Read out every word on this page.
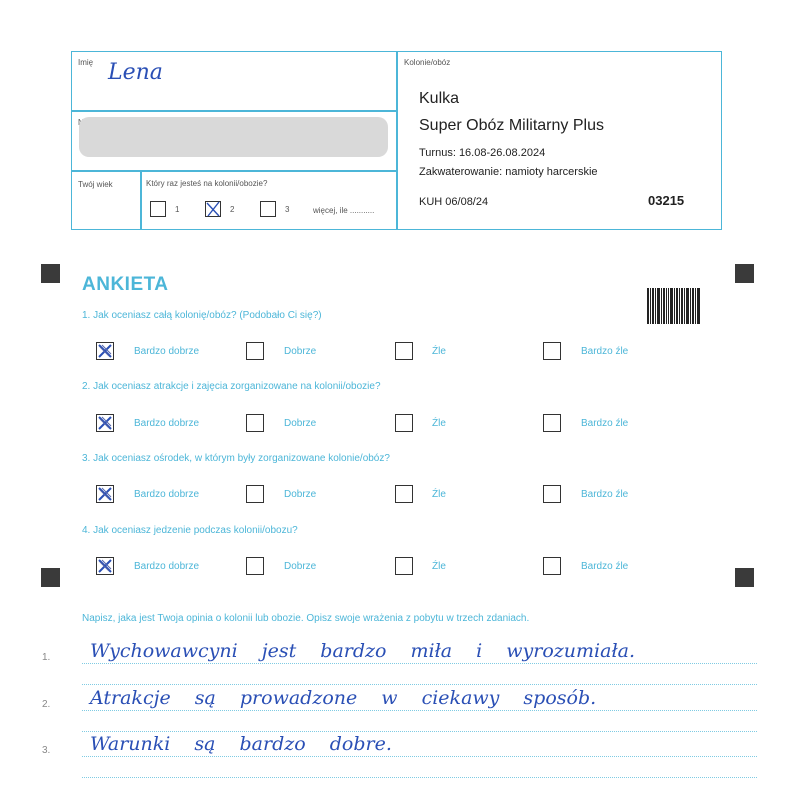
Imię Lena
Twój wiek	Który raz jesteś na kolonii/obozie?
1	2	3	więcej, ile ...........
Kolonie/obóz
Kulka
Super Obóz Militarny Plus
Turnus: 16.08-26.08.2024
Zakwaterowanie: namioty harcerskie
KUH 06/08/24	03215
ANKIETA
1. Jak oceniasz całą kolonię/obóz? (Podobało Ci się?)
Bardzo dobrze	Dobrze	Źle	Bardzo źle
2. Jak oceniasz atrakcje i zajęcia zorganizowane na kolonii/obozie?
Bardzo dobrze	Dobrze	Źle	Bardzo źle
3. Jak oceniasz ośrodek, w którym były zorganizowane kolonie/obóz?
Bardzo dobrze	Dobrze	Źle	Bardzo źle
4. Jak oceniasz jedzenie podczas kolonii/obozu?
Bardzo dobrze	Dobrze	Źle	Bardzo źle
Napisz, jaka jest Twoja opinia o kolonii lub obozie. Opisz swoje wrażenia z pobytu w trzech zdaniach.
1. Wychowawcyni jest bardzo miła i wyrozumiała.
2. Atrakcje są prowadzone w ciekawy sposób.
3. Warunki są bardzo dobre.
